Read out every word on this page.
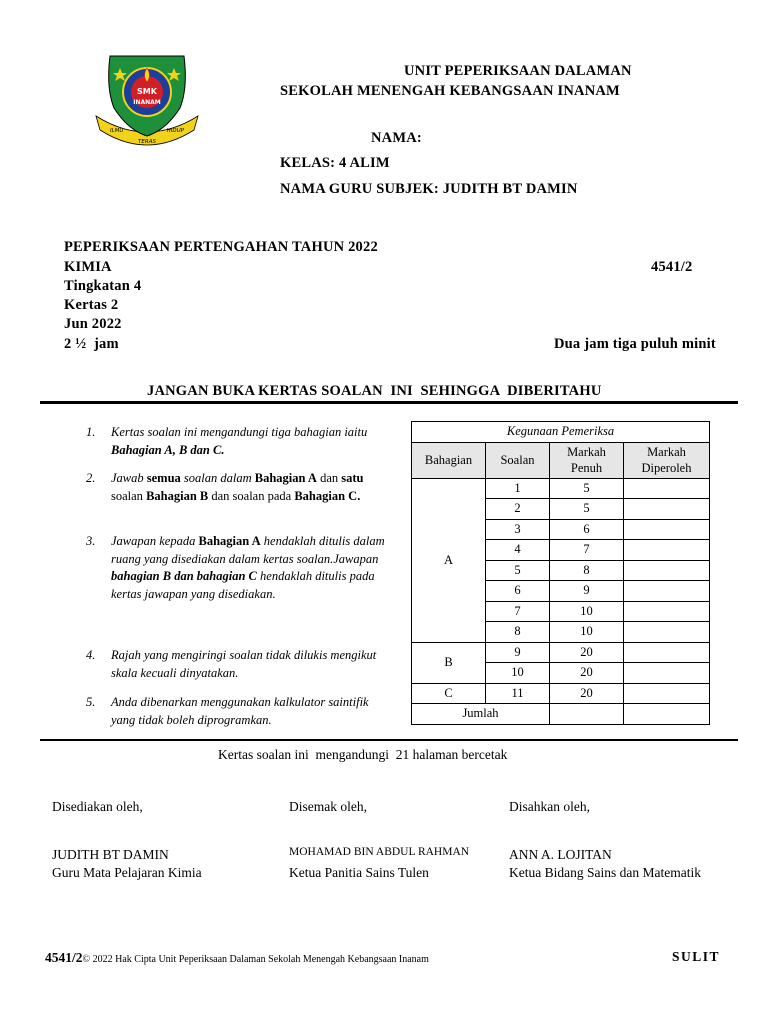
SMK
INANAM
ILMU
TERAS
HIDUP
UNIT PEPERIKSAAN DALAMAN
SEKOLAH MENENGAH KEBANGSAAN INANAM
NAMA:
KELAS: 4 ALIM
NAMA GURU SUBJEK: JUDITH BT DAMIN
PEPERIKSAAN PERTENGAHAN TAHUN 2022
KIMIA	4541/2
Tingkatan 4
Kertas 2
Jun 2022
2 ½  jam	Dua jam tiga puluh minit
JANGAN BUKA KERTAS SOALAN  INI  SEHINGGA  DIBERITAHU
1. Kertas soalan ini mengandungi tiga bahagian iaitu Bahagian A, B dan C.
2. Jawab semua soalan dalam Bahagian A dan satu soalan Bahagian B dan soalan pada Bahagian C.
3. Jawapan kepada Bahagian A hendaklah ditulis dalam ruang yang disediakan dalam kertas soalan.Jawapan bahagian B dan bahagian C hendaklah ditulis pada kertas jawapan yang disediakan.
4. Rajah yang mengiringi soalan tidak dilukis mengikut skala kecuali dinyatakan.
5. Anda dibenarkan menggunakan kalkulator saintifik yang tidak boleh diprogramkan.
Kegunaan Pemeriksa			
Bahagian	Soalan	Markah Penuh	Markah Diperoleh
A	1	5	
	2	5	
	3	6	
	4	7	
	5	8	
	6	9	
	7	10	
	8	10	
B	9	20	
	10	20	
C	11	20	
Jumlah			
Kertas soalan ini  mengandungi  21 halaman bercetak
Disediakan oleh,	Disemak oleh,	Disahkan oleh,
JUDITH BT DAMIN	MOHAMAD BIN ABDUL RAHMAN	ANN A. LOJITAN
Guru Mata Pelajaran Kimia	Ketua Panitia Sains Tulen	Ketua Bidang Sains dan Matematik
4541/2© 2022 Hak Cipta Unit Peperiksaan Dalaman Sekolah Menengah Kebangsaan Inanam	SULIT
